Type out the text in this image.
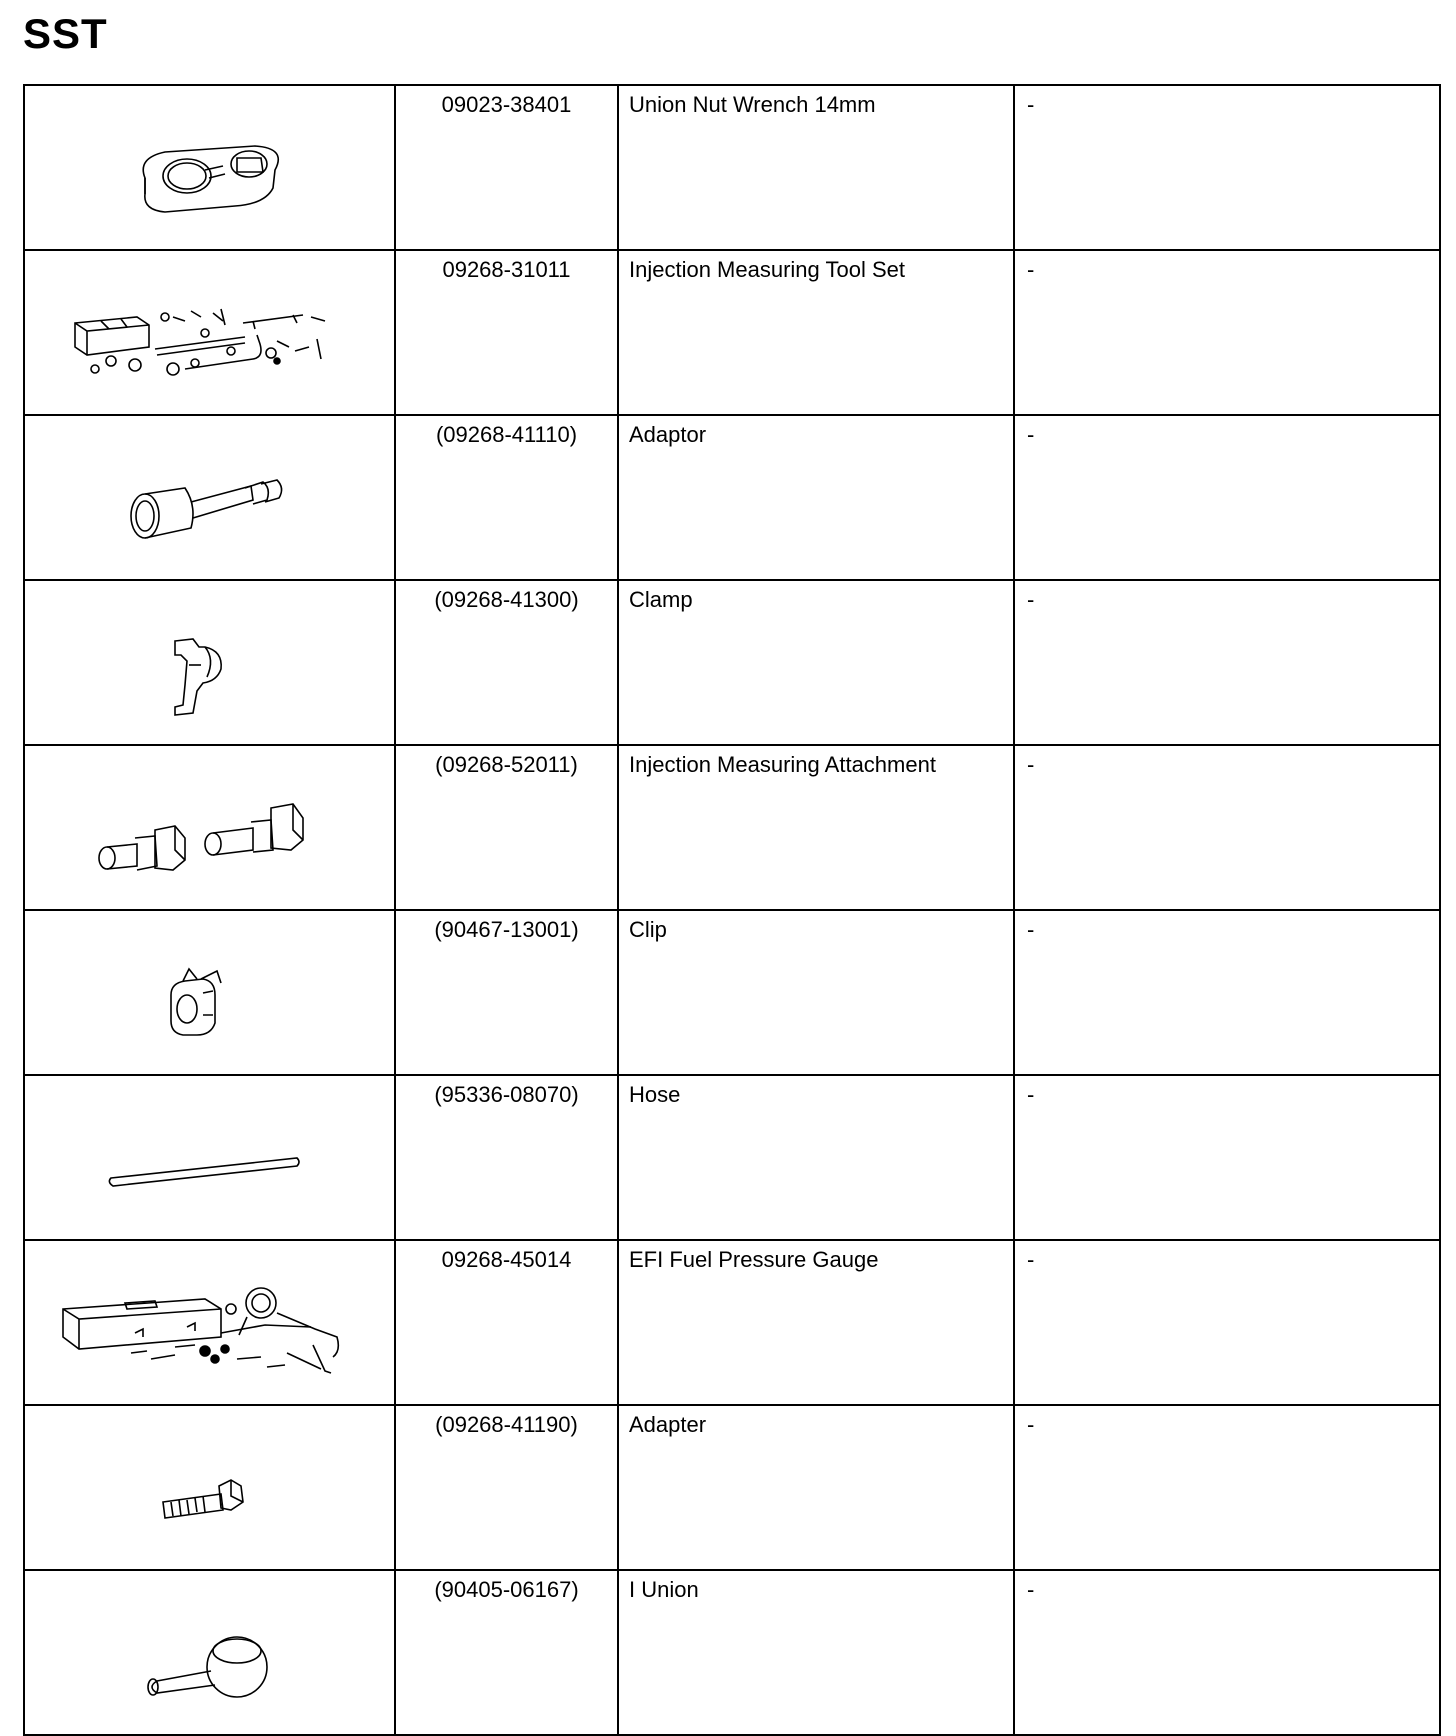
SST
	09023-38401	Union Nut Wrench 14mm	-

	09268-31011	Injection Measuring Tool Set	-

	(09268-41110)	Adaptor	-

	(09268-41300)	Clamp	-

	(09268-52011)	Injection Measuring Attachment	-

	(90467-13001)	Clip	-

	(95336-08070)	Hose	-

	09268-45014	EFI Fuel Pressure Gauge	-

	(09268-41190)	Adapter	-

	(90405-06167)	I Union	-
